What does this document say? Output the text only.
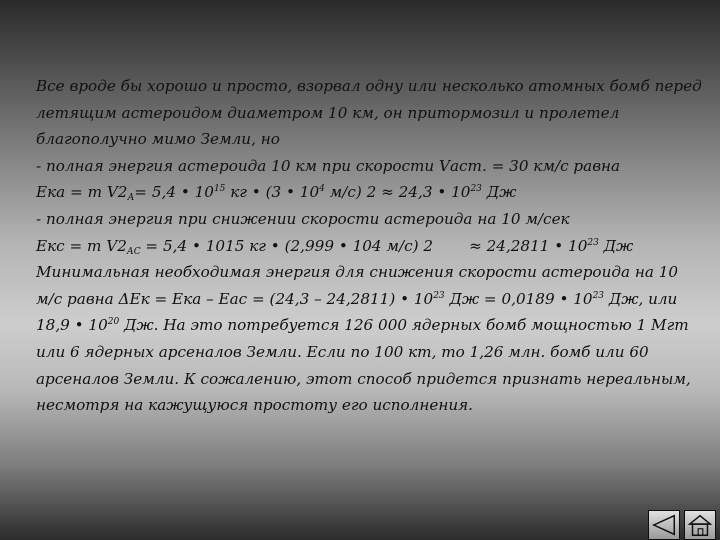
Все вроде бы хорошо и просто, взорвал одну или несколько атомных бомб перед
летящим астероидом диаметром 10 км, он притормозил и пролетел
благополучно мимо Земли, но
- полная энергия астероида 10 км при скорости Vаст. = 30 км/с равна
Eка = m $V2_А= 5,4$ • $10^{15}$ кг • (3 • $10^4$ м/с) 2 ≈ 24,3 • $10^{23}$ Дж
- полная энергия при снижении скорости астероида на 10 м/сек
Eкс = m $V2_{АС} = 5,4$ • 1015 кг • (2,999 • 104 м/с) 2 ≈ 24,2811 • $10^{23}$ Дж
Минимальная необходимая энергия для снижения скорости астероида на 10
м/с равна ΔEк = Eка – Eас = (24,3 – 24,2811) • $10^{23}$ Дж = 0,0189 • $10^{23}$ Дж, или
18,9 • $10^{20}$ Дж. На это потребуется 126 000 ядерных бомб мощностью 1 Мгт
или 6 ядерных арсеналов Земли. Если по 100 кт, то 1,26 млн. бомб или 60
арсеналов Земли. К сожалению, этот способ придется признать нереальным,
несмотря на кажущуюся простоту его исполнения.
